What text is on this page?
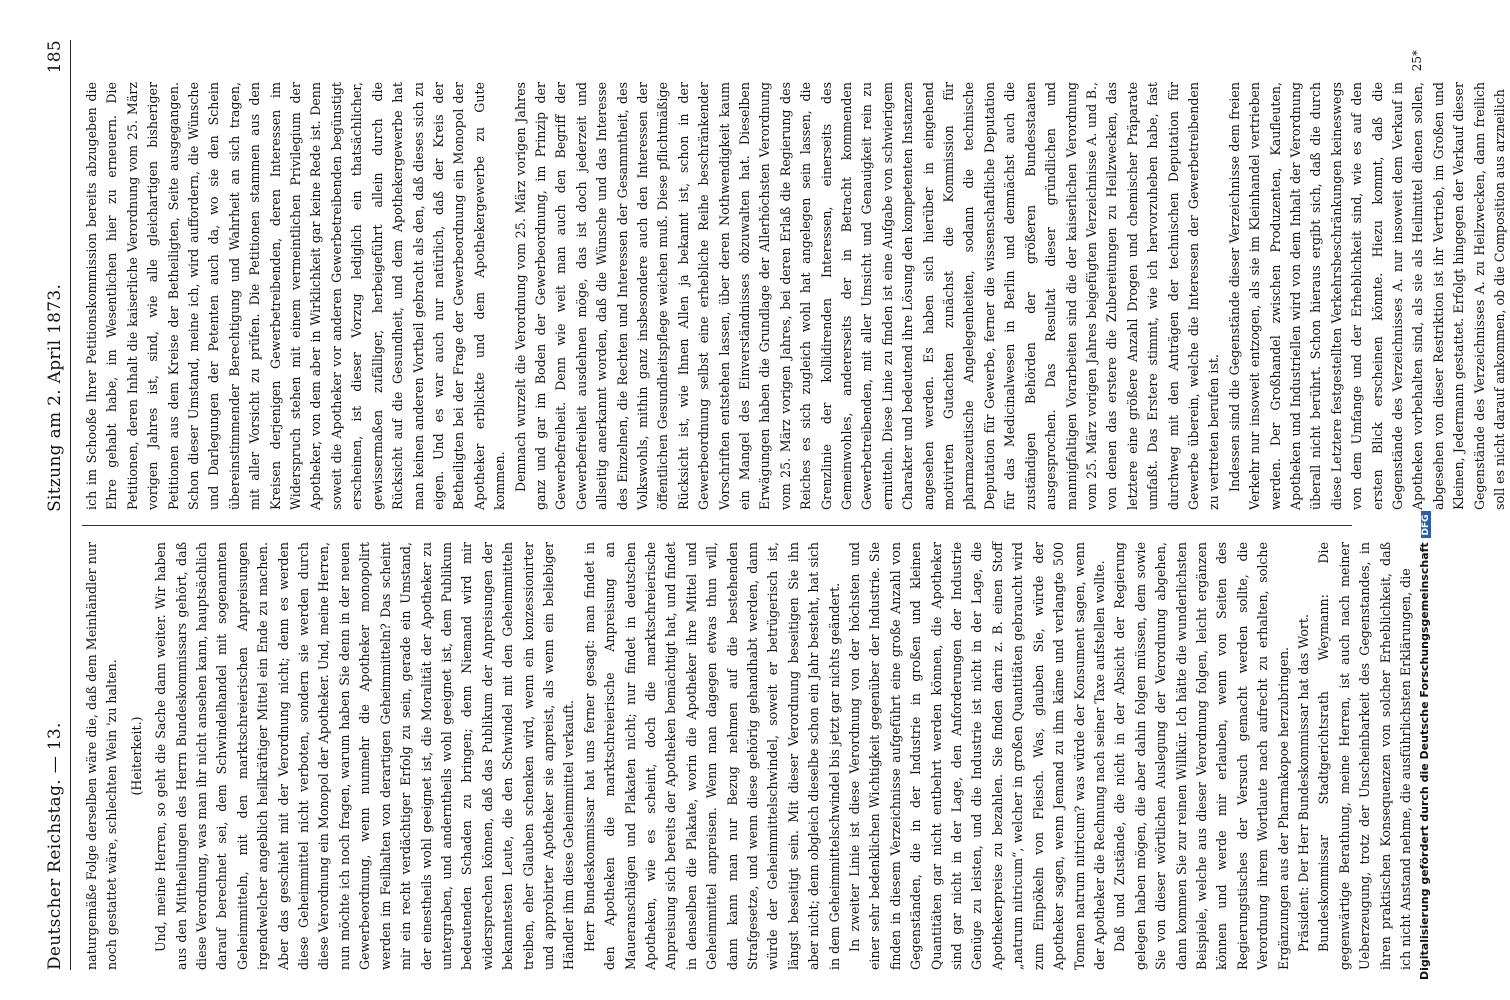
Deutscher Reichstag. — 13.
Sitzung am 2. April 1873.
185

naturgemäße Folge derselben wäre die, daß dem Meinhändler nur noch gestattet wäre, schlechten Wein 'zu halten. (Heiterkeit.) Und, meine Herren, so geht die Sache dann weiter. Wir haben aus den Mittheilungen des Herrn Bundeskommissars gehört, daß diese Verordnung, was man ihr nicht ansehen kann, hauptsächlich darauf berechnet sei, dem Schwindelhandel mit sogenannten Geheimmitteln, mit den marktschreierischen Anpreisungen irgendwelcher angeblich heilkräftiger Mittel ein Ende zu machen. Aber das geschieht mit der Verordnung nicht; denn es werden diese Geheimmittel nicht verboten, sondern sie werden durch diese Verordnung ein Monopol der Apotheker. Und, meine Herren, nun möchte ich noch fragen, warum haben Sie denn in der neuen Gewerbeordnung, wenn nunmehr die Apotheker monopolirt werden im Feilhalten von derartigen Geheimmitteln? Das scheint mir ein recht verdächtiger Erfolg zu sein, gerade ein Umstand, der einestheils wohl geeignet ist, die Moralität der Apotheker zu untergraben, und anderntheils wohl geeignet ist, dem Publikum bedeutenden Schaden zu bringen; denn Niemand wird mir widersprechen können, daß das Publikum der Anpreisungen der bekanntesten Leute, die den Schwindel mit den Geheimmitteln treiben, eher Glauben schenken wird, wenn ein konzessionirter und approbirter Apotheker sie anpreist, als wenn ein beliebiger Händler ihm diese Geheimmittel verkauft. Herr Bundeskommissar hat uns ferner gesagt: man findet in den Apotheken die marktschreierische Anpreisung an Maueranschlägen und Plakaten nicht; nur findet in deutschen Apotheken, wie es scheint, doch die marktschreierische Anpreisung sich bereits der Apotheken bemächtigt hat, und findet in denselben die Plakate, worin die Apotheker ihre Mittel und Geheimmittel anpreisen. Wenn man dagegen etwas thun will, dann kann man nur Bezug nehmen auf die bestehenden Strafgesetze, und wenn diese gehörig gehandhabt werden, dann würde der Geheimmittelschwindel, soweit er betrügerisch ist, längst beseitigt sein. Mit dieser Verordnung beseitigen Sie ihn aber nicht; denn obgleich dieselbe schon ein Jahr besteht, hat sich in dem Geheimmittelschwindel bis jetzt gar nichts geändert. In zweiter Linie ist diese Verordnung von der höchsten und einer sehr bedenklichen Wichtigkeit gegenüber der Industrie. Sie finden in diesem Verzeichnisse aufgeführt eine große Anzahl von Gegenständen, die in der Industrie in großen und kleinen Quantitäten gar nicht entbehrt werden können, die Apotheker sind gar nicht in der Lage, den Anforderungen der Industrie Genüge zu leisten, und die Industrie ist nicht in der Lage, die Apothekerpreise zu bezahlen. Sie finden darin z. B. einen Stoff „natrum nitricum“, welcher in großen Quantitäten gebraucht wird zum Einpökeln von Fleisch. Was, glauben Sie, würde der Apotheker sagen, wenn Jemand zu ihm käme und verlangte 500 Tonnen natrum nitricum? was würde der Konsument sagen, wenn der Apotheker die Rechnung nach seiner Taxe aufstellen wollte. Daß und Zustände, die nicht in der Absicht der Regierung gelegen haben mögen, die aber dahin folgen müssen, dem sowie Sie von dieser wörtlichen Auslegung der Verordnung abgehen, dann kommen Sie zur reinen Willkür. Ich hätte die wunderlichsten Beispiele, welche aus dieser Verordnung folgen, leicht ergänzen können und werde mir erlauben, wenn von Seiten des Regierungstisches der Versuch gemacht werden sollte, die Verordnung ihrem Wortlaute nach aufrecht zu erhalten, solche Ergänzungen aus der Pharmakopoe herzubringen. Präsident: Der Herr Bundeskommissar hat das Wort. Bundeskommissar Stadtgerichtsrath Weymann: Die gegenwärtige Berathung, meine Herren, ist auch nach meiner Ueberzeugung, trotz der Unscheinbarkeit des Gegenstandes, in ihren praktischen Konsequenzen von solcher Erheblichkeit, daß ich nicht Anstand nehme, die ausführlichsten Erklärungen, die

ich im Schooße Ihrer Petitionskommission bereits abzugeben die Ehre gehabt habe, im Wesentlichen hier zu erneuern. Die Petitionen, deren Inhalt die kaiserliche Verordnung vom 25. März vorigen Jahres ist, sind, wie alle gleichartigen bisheriger Petitionen aus dem Kreise der Betheiligten, Seite ausgegangen. Schon dieser Umstand, meine ich, wird auffordern, die Wünsche und Darlegungen der Petenten auch da, wo sie den Schein übereinstimmender Berechtigung und Wahrheit an sich tragen, mit aller Vorsicht zu prüfen. Die Petitionen stammen aus den Kreisen derjenigen Gewerbetreibenden, deren Interessen im Widerspruch stehen mit einem vermeintlichen Privilegium der Apotheker, von dem aber in Wirklichkeit gar keine Rede ist. Denn soweit die Apotheker vor anderen Gewerbetreibenden begünstigt erscheinen, ist dieser Vorzug lediglich ein thatsächlicher, gewissermaßen zufälliger, herbeigeführt allein durch die Rücksicht auf die Gesundheit, und dem Apothekergewerbe hat man keinen anderen Vortheil gebracht als den, daß dieses sich zu eigen. Und es war auch nur natürlich, daß der Kreis der Betheiligten bei der Frage der Gewerbeordnung ein Monopol der Apotheker erblickte und dem Apothekergewerbe zu Gute kommen. Demnach wurzelt die Verordnung vom 25. März vorigen Jahres ganz und gar im Boden der Gewerbeordnung, im Prinzip der Gewerbefreiheit. Denn wie weit man auch den Begriff der Gewerbefreiheit ausdehnen möge, das ist doch jederzeit und allseitig anerkannt worden, daß die Wünsche und das Interesse des Einzelnen, die Rechten und Interessen der Gesammtheit, des Volkswohls, mithin ganz insbesondere auch den Interessen der öffentlichen Gesundheitspflege weichen muß. Diese pflichtmäßige Rücksicht ist, wie Ihnen Allen ja bekannt ist, schon in der Gewerbeordnung selbst eine erhebliche Reihe beschränkender Vorschriften entstehen lassen, über deren Nothwendigkeit kaum ein Mangel des Einverständnisses obzuwalten hat. Dieselben Erwägungen haben die Grundlage der Allerhöchsten Verordnung vom 25. März vorigen Jahres, bei deren Erlaß die Regierung des Reiches es sich zugleich wohl hat angelegen sein lassen, die Grenzlinie der kollidirenden Interessen, einerseits des Gemeinwohles, andererseits der in Betracht kommenden Gewerbetreibenden, mit aller Umsicht und Genauigkeit rein zu ermitteln. Diese Linie zu finden ist eine Aufgabe von schwierigem Charakter und bedeutend ihre Lösung den kompetenten Instanzen angesehen werden. Es haben sich hierüber in eingehend motivirten Gutachten zunächst die Kommission für pharmazeutische Angelegenheiten, sodann die technische Deputation für Gewerbe, ferner die wissenschaftliche Deputation für das Medicinalwesen in Berlin und demnächst auch die zuständigen Behörden der größeren Bundesstaaten ausgesprochen. Das Resultat dieser gründlichen und mannigfaltigen Vorarbeiten sind die der kaiserlichen Verordnung vom 25. März vorigen Jahres beigefügten Verzeichnisse A. und B., von denen das erstere die Zubereitungen zu Heilzwecken, das letztere eine größere Anzahl Drogen und chemischer Präparate umfaßt. Das Erstere stimmt, wie ich hervorzuheben habe, fast durchweg mit den Anträgen der technischen Deputation für Gewerbe überein, welche die Interessen der Gewerbetreibenden zu vertreten berufen ist. Indessen sind die Gegenstände dieser Verzeichnisse dem freien Verkehr nur insoweit entzogen, als sie im Kleinhandel vertrieben werden. Der Großhandel zwischen Produzenten, Kaufleuten, Apotheken und Industriellen wird von dem Inhalt der Verordnung überall nicht berührt. Schon hieraus ergibt sich, daß die durch diese Letztere festgestellten Verkehrsbeschränkungen keineswegs von dem Umfange und der Erheblichkeit sind, wie es auf den ersten Blick erscheinen könnte. Hiezu kommt, daß die Gegenstände des Verzeichnisses A. nur insoweit dem Verkauf in Apotheken vorbehalten sind, als sie als Heilmittel dienen sollen, abgesehen von dieser Restriktion ist ihr Vertrieb, im Großen und Kleinen, Jedermann gestattet. Erfolgt hingegen der Verkauf dieser Gegenstände des Verzeichnisses A. zu Heilzwecken, dann freilich soll es nicht darauf ankommen, ob die Composition aus arzneilich

25*
Digitalisierung gefördert durch die Deutsche Forschungsgemeinschaft DFG
